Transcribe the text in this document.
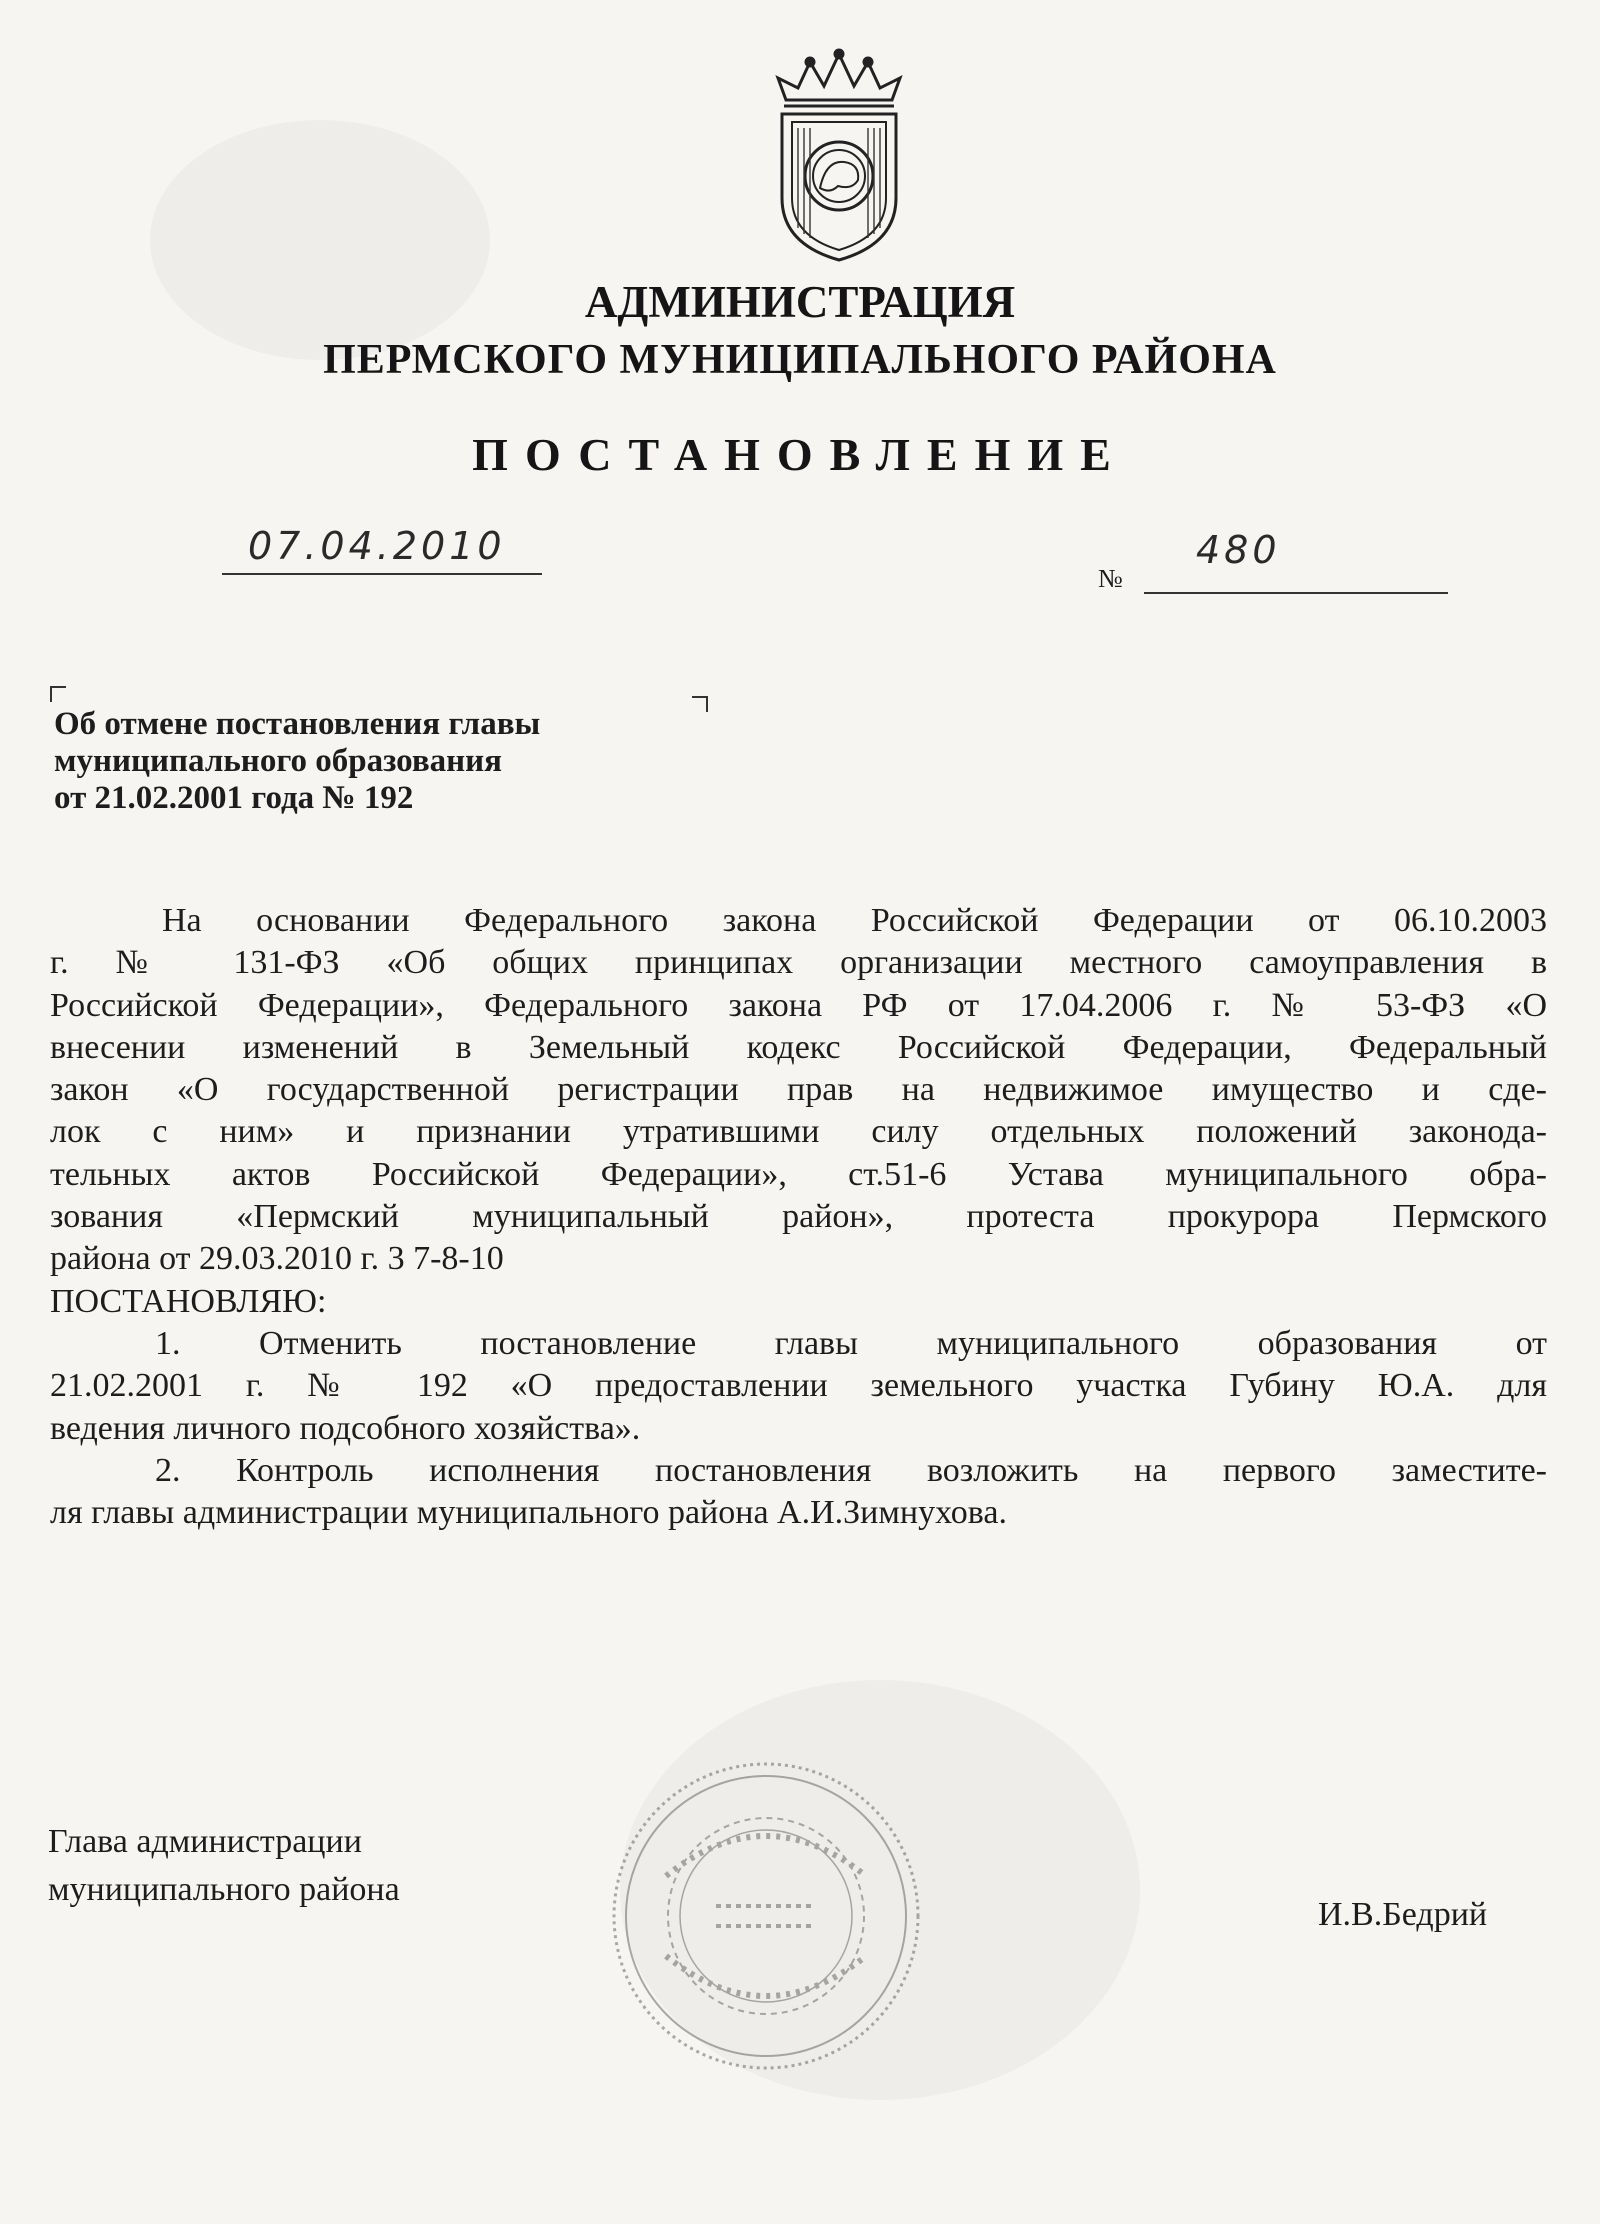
АДМИНИСТРАЦИЯ
ПЕРМСКОГО МУНИЦИПАЛЬНОГО РАЙОНА
ПОСТАНОВЛЕНИЕ
07.04.2010
№
480
Об отмене постановления главы
муниципального образования
от 21.02.2001 года № 192
На основании Федерального закона Российской Федерации от 06.10.2003
г. № 131-ФЗ «Об общих принципах организации местного самоуправления в
Российской Федерации», Федерального закона РФ от 17.04.2006 г. № 53-ФЗ «О
внесении изменений в Земельный кодекс Российской Федерации, Федеральный
закон «О государственной регистрации прав на недвижимое имущество и сде-
лок с ним» и признании утратившими силу отдельных положений законода-
тельных актов Российской Федерации», ст.51-6 Устава муниципального обра-
зования «Пермский муниципальный район», протеста прокурора Пермского
района от 29.03.2010 г. 3 7-8-10
ПОСТАНОВЛЯЮ:
1. Отменить постановление главы муниципального образования от
21.02.2001 г. № 192 «О предоставлении земельного участка Губину Ю.А. для
ведения личного подсобного хозяйства».
2. Контроль исполнения постановления возложить на первого заместите-
ля главы администрации муниципального района А.И.Зимнухова.
Глава администрации
муниципального района
И.В.Бедрий
